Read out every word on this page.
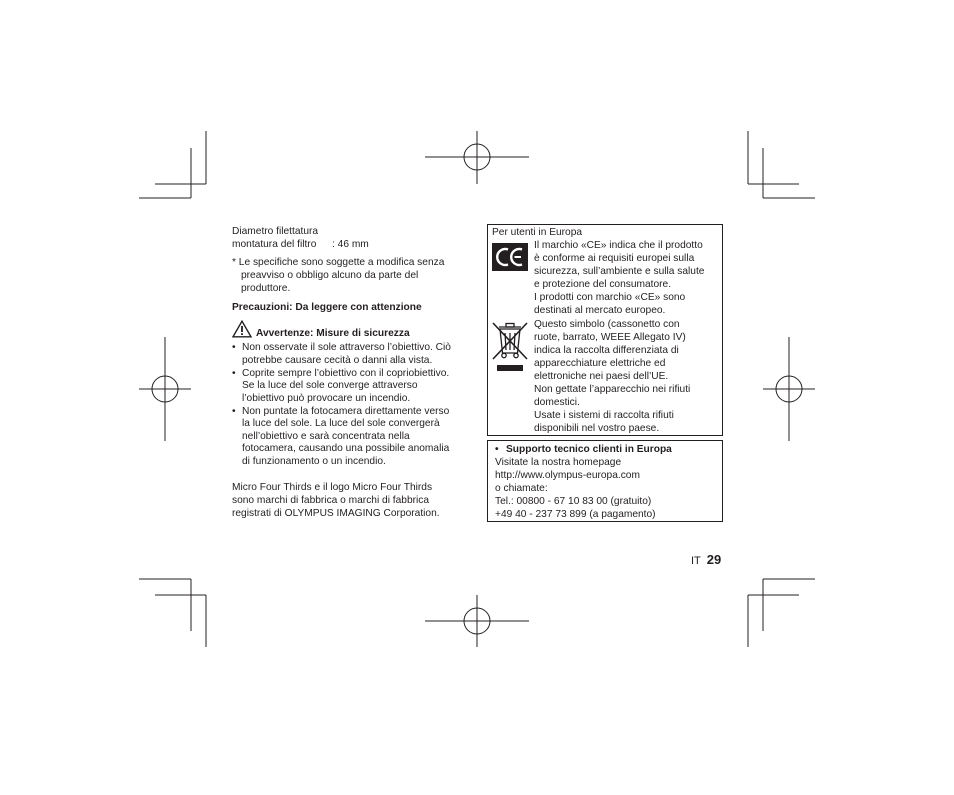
Diametro filettatura
montatura del filtro : 46 mm
* Le specifiche sono soggette a modifica senza
preavviso o obbligo alcuno da parte del
produttore.
Precauzioni: Da leggere con attenzione
Avvertenze: Misure di sicurezza
• Non osservate il sole attraverso l’obiettivo. Ciò
potrebbe causare cecità o danni alla vista.
• Coprite sempre l’obiettivo con il copriobiettivo.
Se la luce del sole converge attraverso
l’obiettivo può provocare un incendio.
• Non puntate la fotocamera direttamente verso
la luce del sole. La luce del sole convergerà
nell’obiettivo e sarà concentrata nella
fotocamera, causando una possibile anomalia
di funzionamento o un incendio.
Micro Four Thirds e il logo Micro Four Thirds
sono marchi di fabbrica o marchi di fabbrica
registrati di OLYMPUS IMAGING Corporation.
Per utenti in Europa
Il marchio «CE» indica che il prodotto
è conforme ai requisiti europei sulla
sicurezza, sull’ambiente e sulla salute
e protezione del consumatore.
I prodotti con marchio «CE» sono
destinati al mercato europeo.
Questo simbolo (cassonetto con
ruote, barrato, WEEE Allegato IV)
indica la raccolta differenziata di
apparecchiature elettriche ed
elettroniche nei paesi dell’UE.
Non gettate l’apparecchio nei rifiuti
domestici.
Usate i sistemi di raccolta rifiuti
disponibili nel vostro paese.
• Supporto tecnico clienti in Europa
Visitate la nostra homepage
http://www.olympus-europa.com
o chiamate:
Tel.: 00800 - 67 10 83 00 (gratuito)
+49 40 - 237 73 899 (a pagamento)
IT 29
